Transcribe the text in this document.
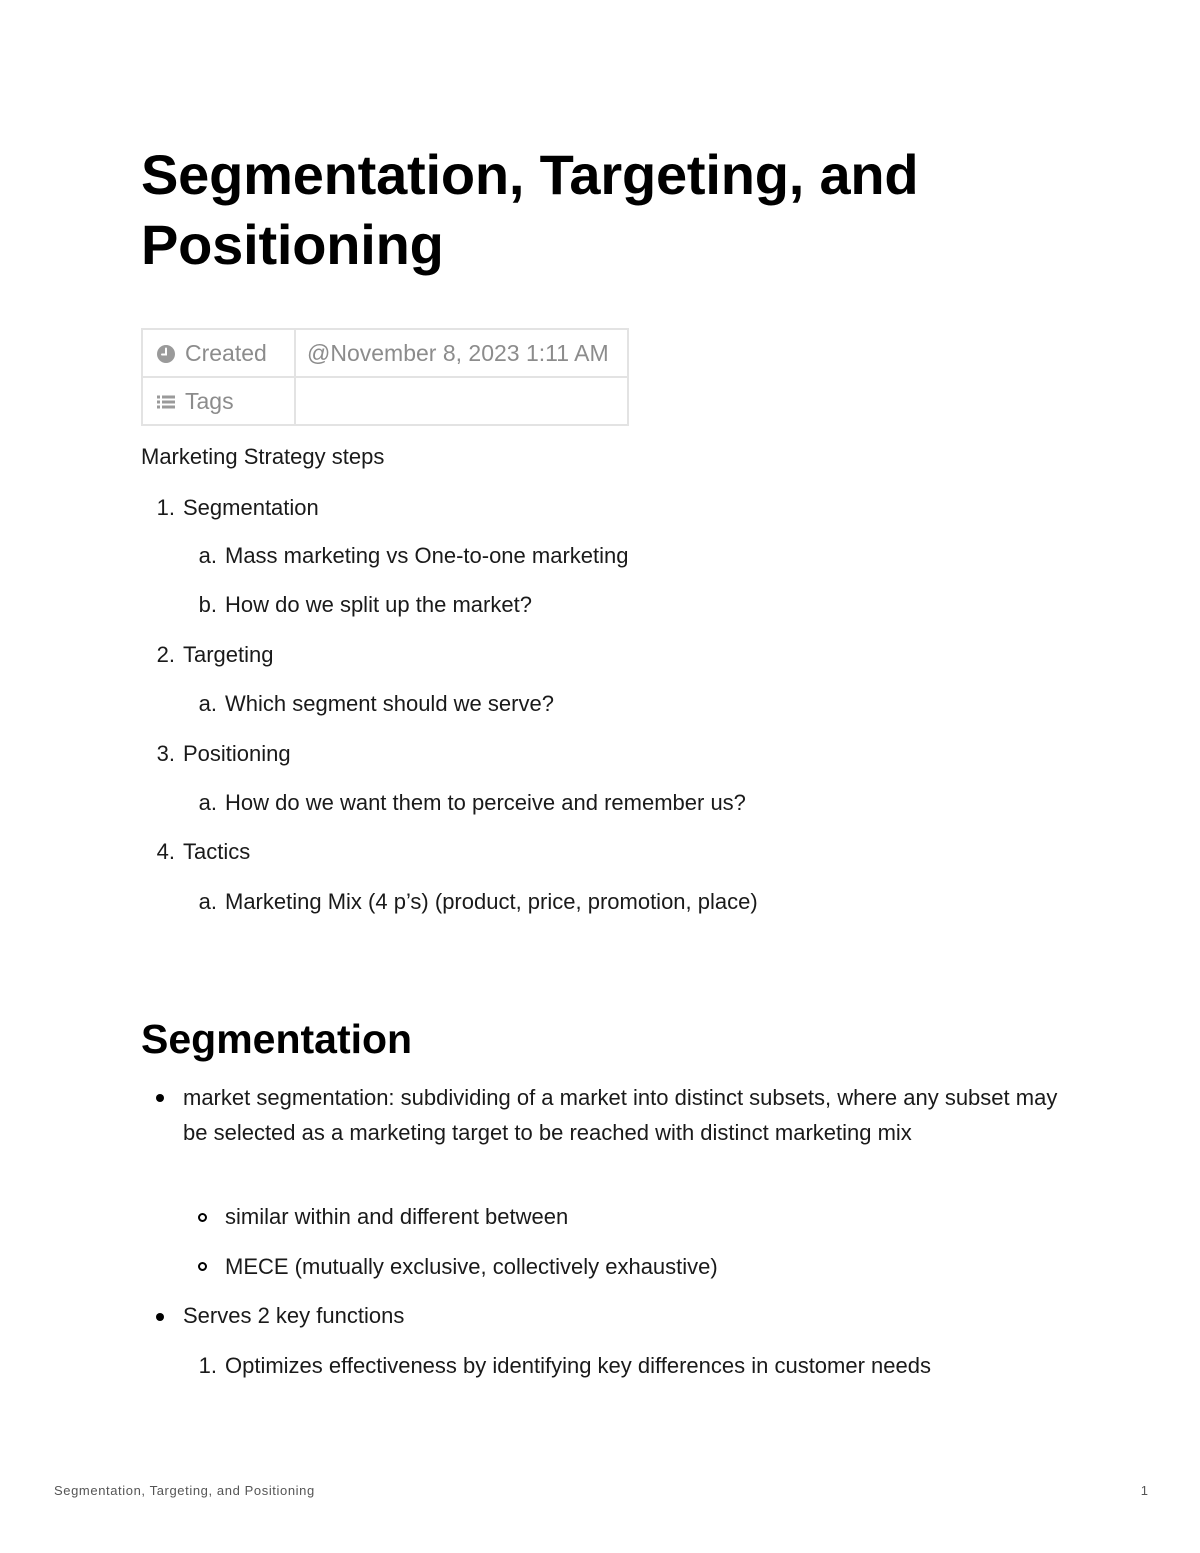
Segmentation, Targeting, and Positioning
Created	@November 8, 2023 1:11 AM
Tags	
Marketing Strategy steps
1. Segmentation
a. Mass marketing vs One-to-one marketing
b. How do we split up the market?
2. Targeting
a. Which segment should we serve?
3. Positioning
a. How do we want them to perceive and remember us?
4. Tactics
a. Marketing Mix (4 p’s) (product, price, promotion, place)
Segmentation
market segmentation: subdividing of a market into distinct subsets, where any subset may be selected as a marketing target to be reached with distinct marketing mix
similar within and different between
MECE (mutually exclusive, collectively exhaustive)
Serves 2 key functions
1. Optimizes effectiveness by identifying key differences in customer needs
Segmentation, Targeting, and Positioning	1
